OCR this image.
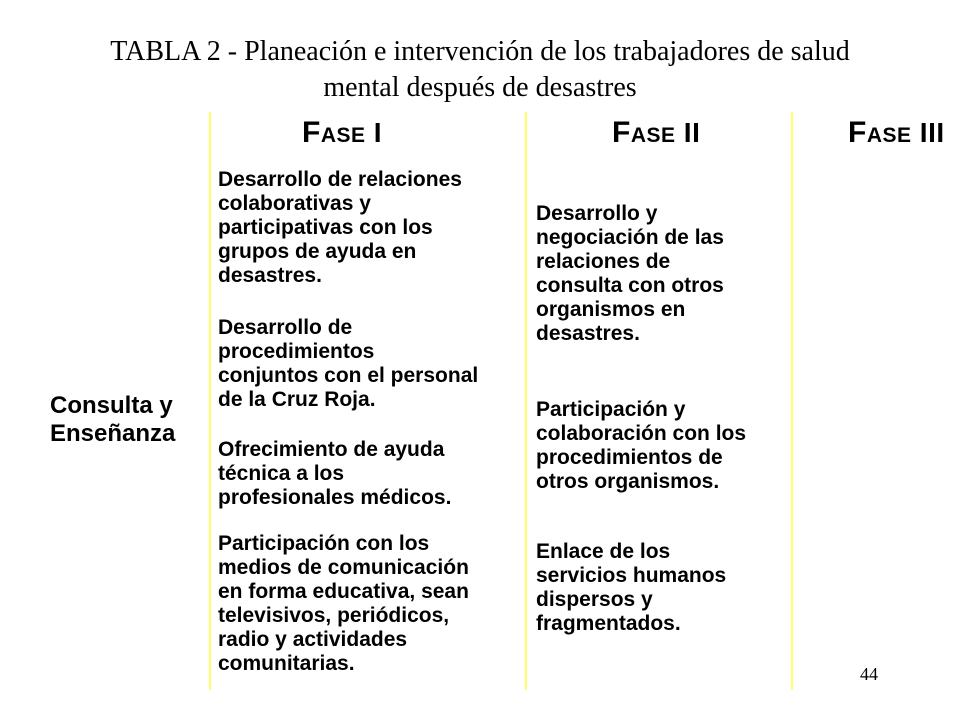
TABLA 2 - Planeación e intervención de los trabajadores de salud
mental después de desastres
FASE I	FASE II	FASE III
Consulta y
Enseñanza
Desarrollo de relaciones
colaborativas y
participativas con los
grupos de ayuda en
desastres.
Desarrollo de
procedimientos
conjuntos con el personal
de la Cruz Roja.
Ofrecimiento de ayuda
técnica a los
profesionales médicos.
Participación con los
medios de comunicación
en forma educativa, sean
televisivos, periódicos,
radio y actividades
comunitarias.
Desarrollo y
negociación de las
relaciones de
consulta con otros
organismos en
desastres.
Participación y
colaboración con los
procedimientos de
otros organismos.
Enlace de los
servicios humanos
dispersos y
fragmentados.
44
